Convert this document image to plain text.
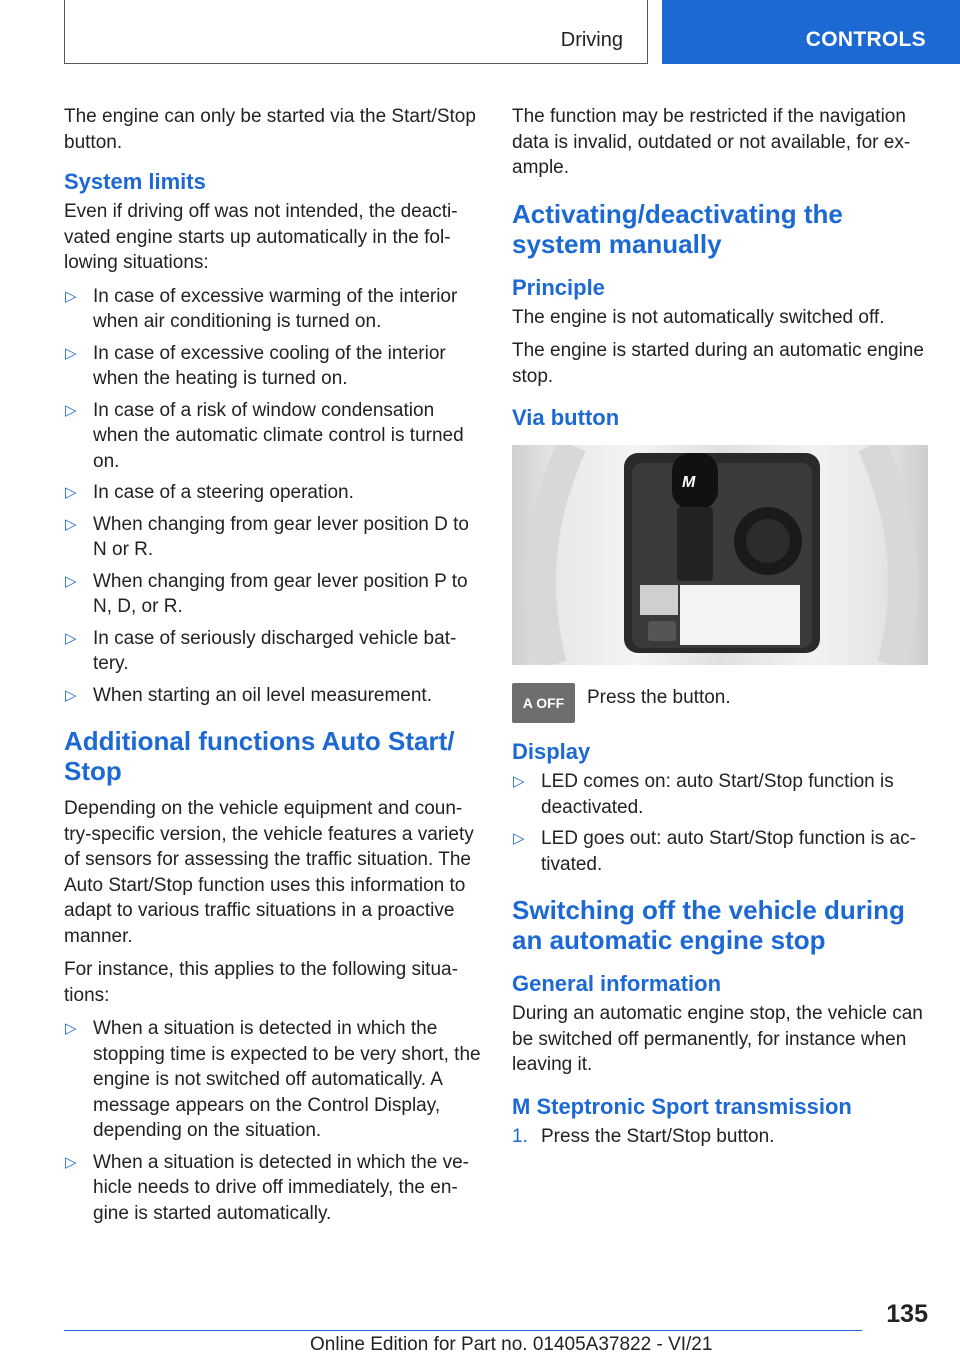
Driving	CONTROLS

The engine can only be started via the Start/Stop button.

System limits

Even if driving off was not intended, the deacti-vated engine starts up automatically in the fol-lowing situations:

▷ In case of excessive warming of the interior when air conditioning is turned on.
▷ In case of excessive cooling of the interior when the heating is turned on.
▷ In case of a risk of window condensation when the automatic climate control is turned on.
▷ In case of a steering operation.
▷ When changing from gear lever position D to N or R.
▷ When changing from gear lever position P to N, D, or R.
▷ In case of seriously discharged vehicle bat-tery.
▷ When starting an oil level measurement.
Additional functions Auto Start/ Stop

Depending on the vehicle equipment and coun-try-specific version, the vehicle features a variety of sensors for assessing the traffic situation. The Auto Start/Stop function uses this information to adapt to various traffic situations in a proactive manner.

For instance, this applies to the following situa-tions:

▷ When a situation is detected in which the stopping time is expected to be very short, the engine is not switched off automatically. A message appears on the Control Display, depending on the situation.
▷ When a situation is detected in which the ve-hicle needs to drive off immediately, the en-gine is started automatically.

The function may be restricted if the navigation data is invalid, outdated or not available, for ex-ample.

Activating/deactivating the system manually
Principle

The engine is not automatically switched off.

The engine is started during an automatic engine stop.

Via button
M
A OFF Press the button.

Display
▷ LED comes on: auto Start/Stop function is deactivated.
▷ LED goes out: auto Start/Stop function is ac-tivated.
Switching off the vehicle during an automatic engine stop
General information

During an automatic engine stop, the vehicle can be switched off permanently, for instance when leaving it.

M Steptronic Sport transmission
1. Press the Start/Stop button.
135
Online Edition for Part no. 01405A37822 - VI/21
